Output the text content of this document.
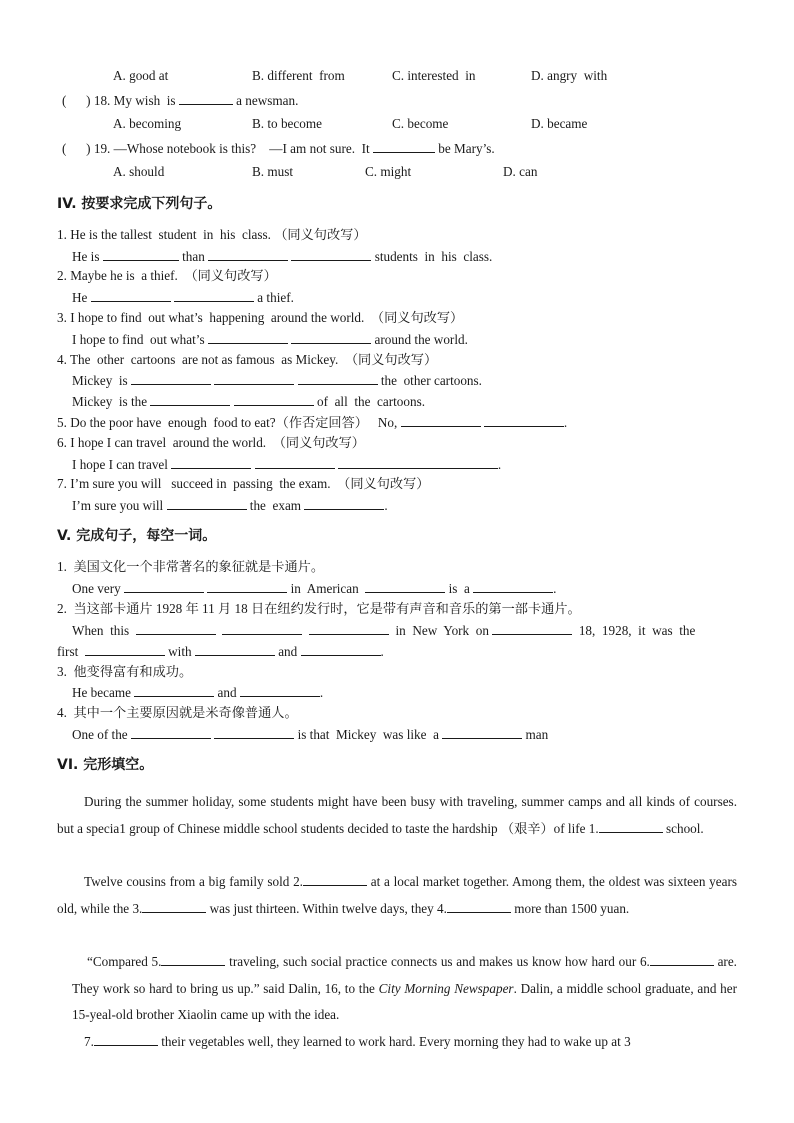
A. good at	B. different  from	C. interested  in	D. angry  with
(      ) 18. My wish  is	a newsman.
A. becoming	B. to become	C. become	D. became
(      ) 19. —Whose notebook is this?    —I am not sure.  It	be Mary’s.
A. should	B. must	C. might	D. can
IV. 按要求完成下列句子。
1. He is the tallest  student  in  his  class. （同义句改写）
He is	than	students  in  his  class.
2. Maybe he is  a thief.  （同义句改写）
He	a thief.
3. I hope to find  out what’s  happening  around the world.  （同义句改写）
I hope to find  out what’s	around the world.
4. The  other  cartoons  are not as famous  as Mickey.  （同义句改写）
Mickey  is	the  other cartoons.
Mickey  is the	of  all  the  cartoons.
5. Do the poor have  enough  food to eat?（作否定回答）   No,	.
6. I hope I can travel  around the world.  （同义句改写）
I hope I can travel	.
7. I’m sure you will   succeed in  passing  the exam.  （同义句改写）
I’m sure you will	the  exam	.
V. 完成句子，每空一词。
1.  美国文化一个非常著名的象征就是卡通片。
One very	in  American	is  a	.
2.  当这部卡通片 1928 年 11 月 18 日在纽约发行时，它是带有声音和音乐的第一部卡通片。
When  this	in  New  York  on	18,  1928,  it  was  the
first	with	and	.
3.  他变得富有和成功。
He became	and	.
4.  其中一个主要原因就是米奇像普通人。
One of the	is that  Mickey  was like  a	man
VI. 完形填空。
During the summer holiday, some students might have been busy with traveling, summer camps and all kinds of courses. but a specia1 group of Chinese middle school students decided to taste the hardship （艰辛）of life 1.	school.
Twelve cousins from a big family sold 2.	at a local market together. Among them, the oldest was sixteen years old, while the 3.	was just thirteen. Within twelve days, they 4.	more than 1500 yuan.
“Compared 5.	traveling, such social practice connects us and makes us know how hard our 6.	are. They work so hard to bring us up.” said Dalin, 16, to the City Morning Newspaper. Dalin, a middle school graduate, and her 15-yeal-old brother Xiaolin came up with the idea.
7.	their vegetables well, they learned to work hard. Every morning they had to wake up at 3
